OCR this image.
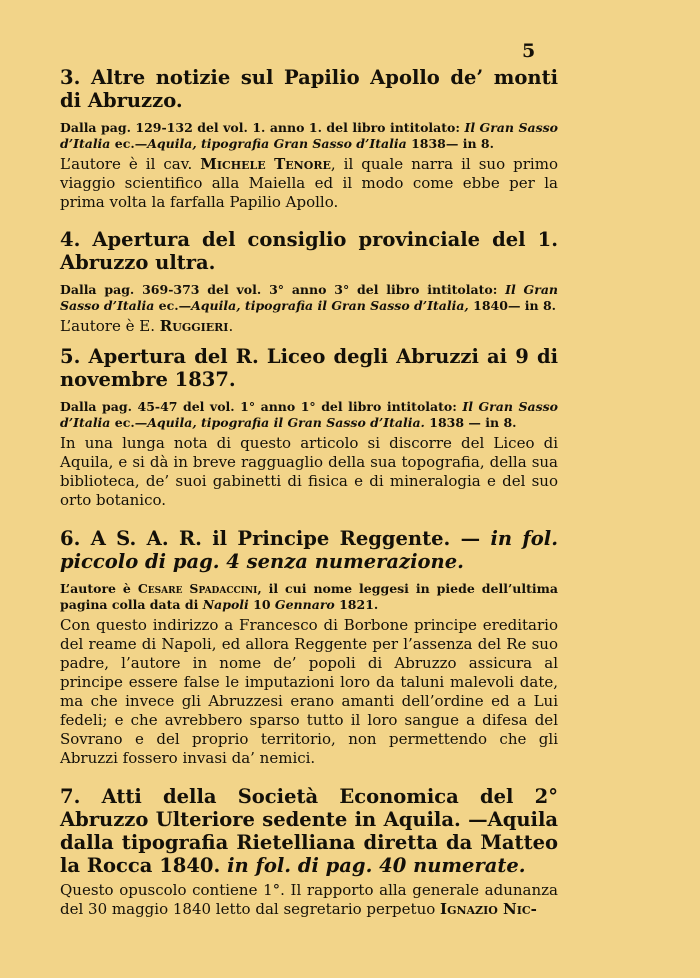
5
3. Altre notizie sul Papilio Apollo de’ monti di Abruzzo.
Dalla pag. 129-132 del vol. 1. anno 1. del libro intitolato: Il Gran Sasso d’Italia ec.—Aquila, tipografia Gran Sasso d’Italia 1838— in 8.
L’autore è il cav. Michele Tenore, il quale narra il suo primo viaggio scientifico alla Maiella ed il modo come ebbe per la prima volta la farfalla Papilio Apollo.
4. Apertura del consiglio provinciale del 1. Abruzzo ultra.
Dalla pag. 369-373 del vol. 3° anno 3° del libro intitolato: Il Gran Sasso d’Italia ec.—Aquila, tipografia il Gran Sasso d’Italia, 1840— in 8.
L’autore è E. Ruggieri.
5. Apertura del R. Liceo degli Abruzzi ai 9 di novembre 1837.
Dalla pag. 45-47 del vol. 1° anno 1° del libro intitolato: Il Gran Sasso d’Italia ec.—Aquila, tipografia il Gran Sasso d’Italia. 1838 — in 8.
In una lunga nota di questo articolo si discorre del Liceo di Aquila, e si dà in breve ragguaglio della sua topografia, della sua biblioteca, de’ suoi gabinetti di fisica e di mineralogia e del suo orto botanico.
6. A S. A. R. il Principe Reggente. — in fol. piccolo di pag. 4 senza numerazione.
L’autore è Cesare Spadaccini, il cui nome leggesi in piede dell’ultima pagina colla data di Napoli 10 Gennaro 1821.
Con questo indirizzo a Francesco di Borbone principe ereditario del reame di Napoli, ed allora Reggente per l’assenza del Re suo padre, l’autore in nome de’ popoli di Abruzzo assicura al principe essere false le imputazioni loro da taluni malevoli date, ma che invece gli Abruzzesi erano amanti dell’ordine ed a Lui fedeli; e che avrebbero sparso tutto il loro sangue a difesa del Sovrano e del proprio territorio, non permettendo che gli Abruzzi fossero invasi da’ nemici.
7. Atti della Società Economica del 2° Abruzzo Ulteriore sedente in Aquila. —Aquila dalla tipografia Rietelliana diretta da Matteo la Rocca 1840. in fol. di pag. 40 numerate.
Questo opuscolo contiene 1°. Il rapporto alla generale adunanza del 30 maggio 1840 letto dal segretario perpetuo Ignazio Nic-
